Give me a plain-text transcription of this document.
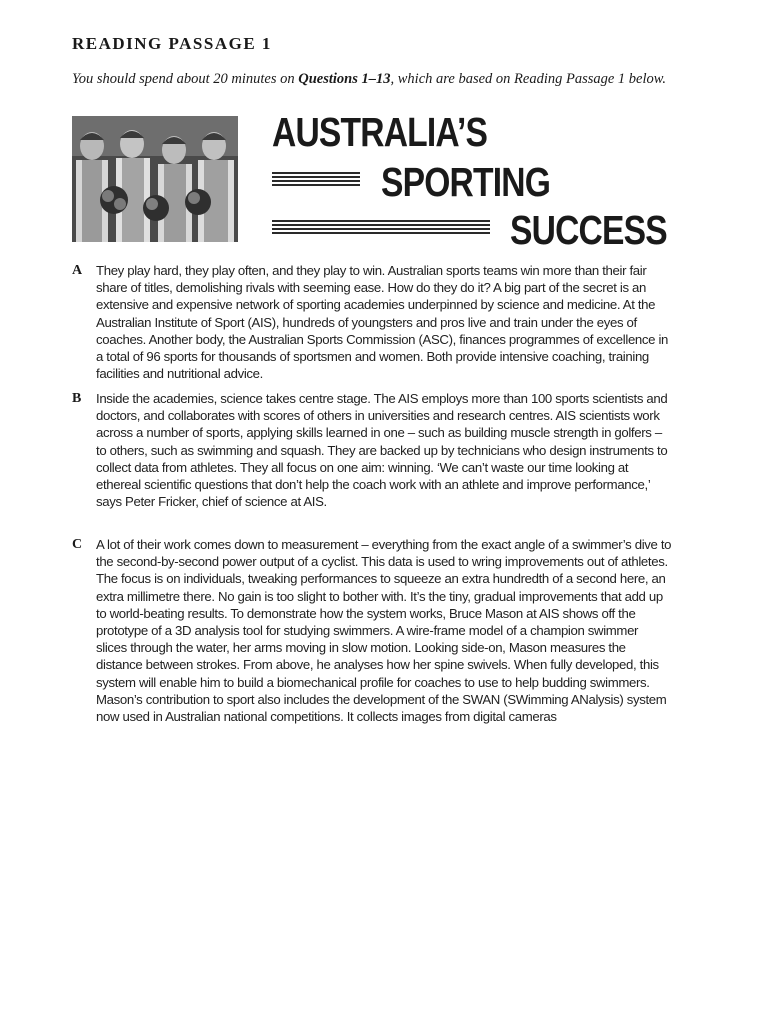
READING PASSAGE 1

You should spend about 20 minutes on Questions 1–13, which are based on Reading Passage 1 below.

AUSTRALIA’S
SPORTING
SUCCESS
A They play hard, they play often, and they play to win. Australian sports teams win more than their fair share of titles, demolishing rivals with seeming ease. How do they do it? A big part of the secret is an extensive and expensive network of sporting academies underpinned by science and medicine. At the Australian Institute of Sport (AIS), hundreds of youngsters and pros live and train under the eyes of coaches. Another body, the Australian Sports Commission (ASC), finances programmes of excellence in a total of 96 sports for thousands of sportsmen and women. Both provide intensive coaching, training facilities and nutritional advice.

B Inside the academies, science takes centre stage. The AIS employs more than 100 sports scientists and doctors, and collaborates with scores of others in universities and research centres. AIS scientists work across a number of sports, applying skills learned in one – such as building muscle strength in golfers – to others, such as swimming and squash. They are backed up by technicians who design instruments to collect data from athletes. They all focus on one aim: winning. ‘We can’t waste our time looking at ethereal scientific questions that don’t help the coach work with an athlete and improve performance,’ says Peter Fricker, chief of science at AIS.

C A lot of their work comes down to measurement – everything from the exact angle of a swimmer’s dive to the second-by-second power output of a cyclist. This data is used to wring improvements out of athletes. The focus is on individuals, tweaking performances to squeeze an extra hundredth of a second here, an extra millimetre there. No gain is too slight to bother with. It’s the tiny, gradual improvements that add up to world-beating results. To demonstrate how the system works, Bruce Mason at AIS shows off the prototype of a 3D analysis tool for studying swimmers. A wire-frame model of a champion swimmer slices through the water, her arms moving in slow motion. Looking side-on, Mason measures the distance between strokes. From above, he analyses how her spine swivels. When fully developed, this system will enable him to build a biomechanical profile for coaches to use to help budding swimmers. Mason’s contribution to sport also includes the development of the SWAN (SWimming ANalysis) system now used in Australian national competitions. It collects images from digital cameras
